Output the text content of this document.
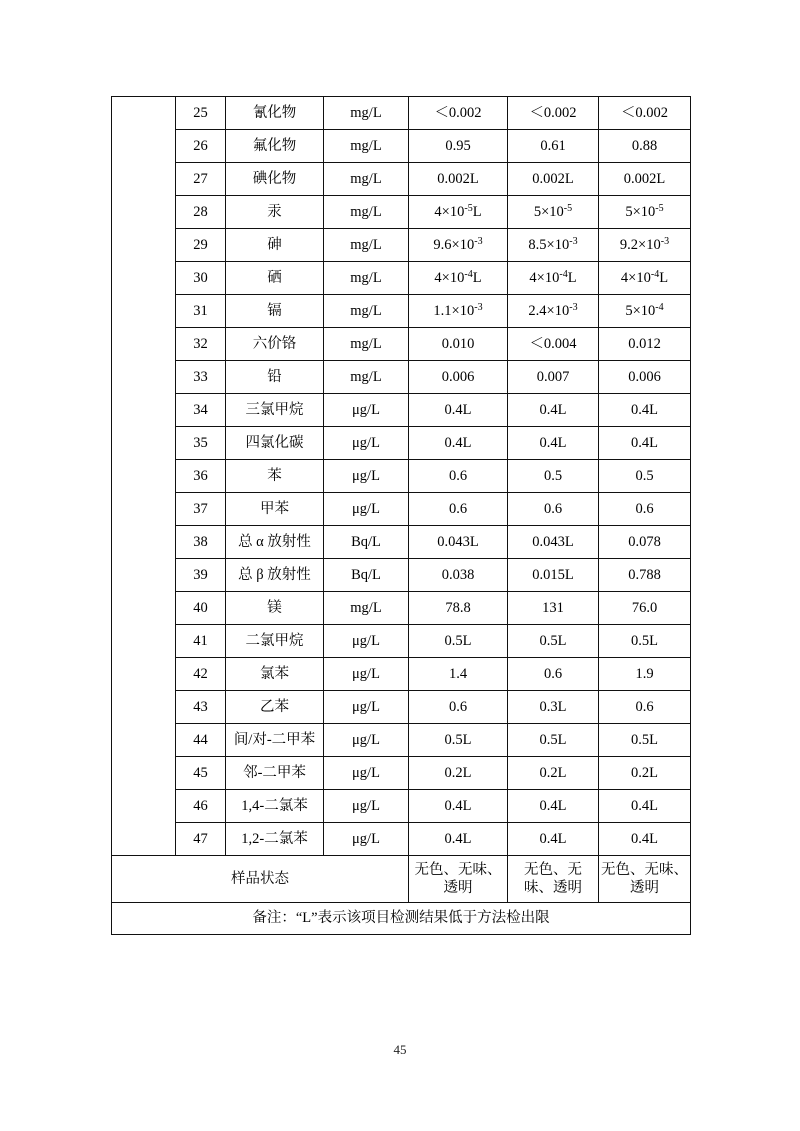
	25	氰化物	mg/L	＜0.002	＜0.002	＜0.002
	26	氟化物	mg/L	0.95	0.61	0.88
	27	碘化物	mg/L	0.002L	0.002L	0.002L
	28	汞	mg/L	$4\times 10^{-5}L$	$5\times 10^{-5}$	$5\times 10^{-5}$
	29	砷	mg/L	$9.6\times 10^{-3}$	$8.5\times 10^{-3}$	$9.2\times 10^{-3}$
	30	硒	mg/L	$4\times 10^{-4}L$	$4\times 10^{-4}L$	$4\times 10^{-4}L$
	31	镉	mg/L	$1.1\times 10^{-3}$	$2.4\times 10^{-3}$	$5\times 10^{-4}$
	32	六价铬	mg/L	0.010	＜0.004	0.012
	33	铅	mg/L	0.006	0.007	0.006
	34	三氯甲烷	μg/L	0.4L	0.4L	0.4L
	35	四氯化碳	μg/L	0.4L	0.4L	0.4L
	36	苯	μg/L	0.6	0.5	0.5
	37	甲苯	μg/L	0.6	0.6	0.6
	38	总 α 放射性	Bq/L	0.043L	0.043L	0.078
	39	总 β 放射性	Bq/L	0.038	0.015L	0.788
	40	镁	mg/L	78.8	131	76.0
	41	二氯甲烷	μg/L	0.5L	0.5L	0.5L
	42	氯苯	μg/L	1.4	0.6	1.9
	43	乙苯	μg/L	0.6	0.3L	0.6
	44	间/对-二甲苯	μg/L	0.5L	0.5L	0.5L
	45	邻-二甲苯	μg/L	0.2L	0.2L	0.2L
	46	1,4-二氯苯	μg/L	0.4L	0.4L	0.4L
	47	1,2-二氯苯	μg/L	0.4L	0.4L	0.4L
样品状态				无色、无味、透明	无色、无味、透明	无色、无味、透明
备注：“L”表示该项目检测结果低于方法检出限						
45
